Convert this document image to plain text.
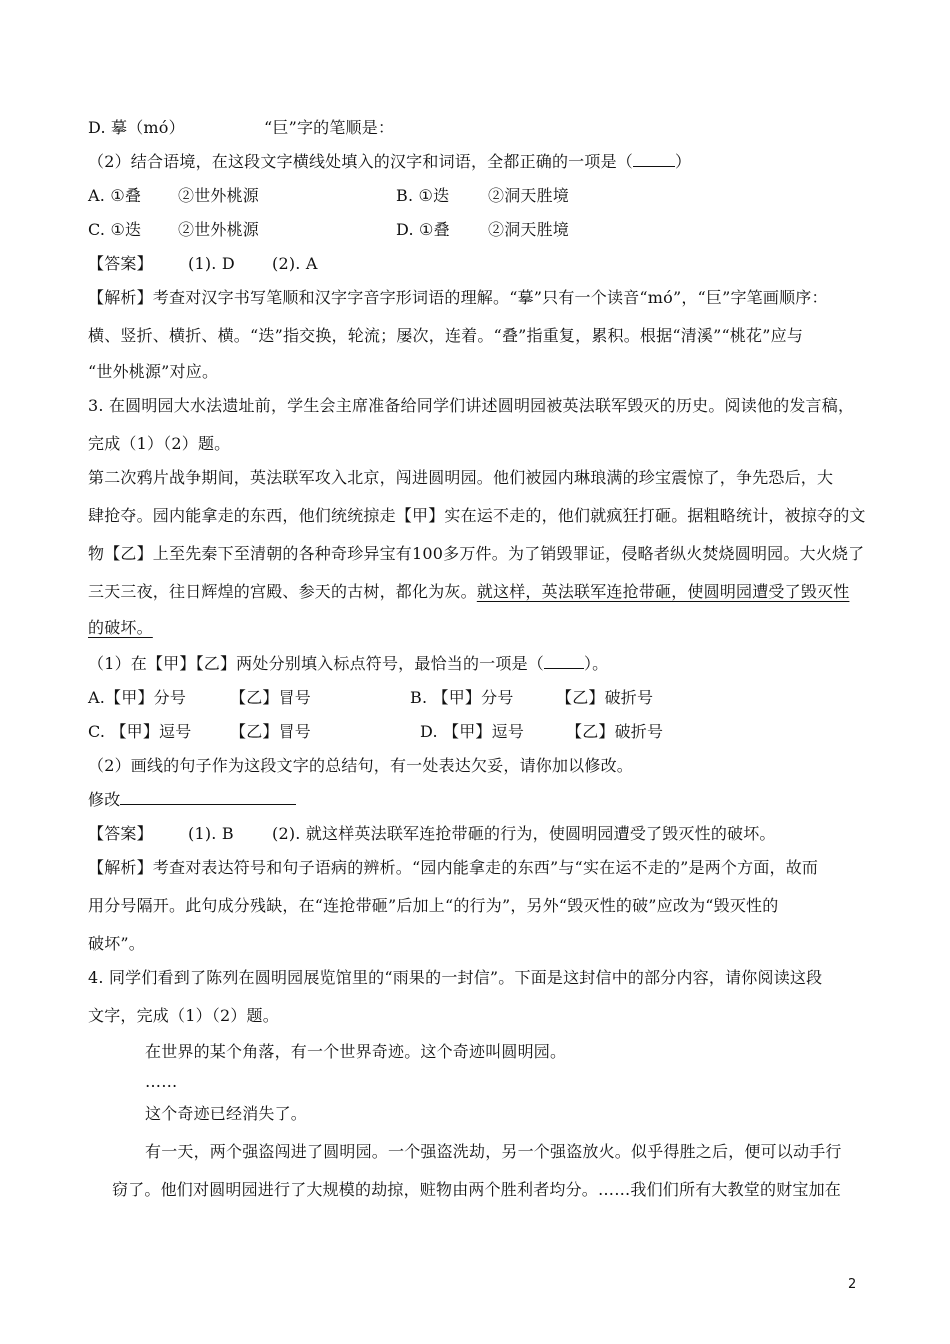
D. 摹（mó）	“巨”字的笔顺是：
（2）结合语境，在这段文字横线处填入的汉字和词语，全都正确的一项是（	）
A. ①叠 ②世外桃源	B. ①迭 ②洞天胜境
C. ①迭 ②世外桃源	D. ①叠 ②洞天胜境
【答案】 (1). D (2). A
【解析】考查对汉字书写笔顺和汉字字音字形词语的理解。“摹”只有一个读音“mó”，“巨”字笔画顺序：
横、竖折、横折、横。“迭”指交换，轮流；屡次，连着。“叠”指重复，累积。根据“清溪”“桃花”应与
“世外桃源”对应。
3. 在圆明园大水法遗址前，学生会主席准备给同学们讲述圆明园被英法联军毁灭的历史。阅读他的发言稿，
完成（1）（2）题。
第二次鸦片战争期间，英法联军攻入北京，闯进圆明园。他们被园内琳琅满的珍宝震惊了，争先恐后，大
肆抢夺。园内能拿走的东西，他们统统掠走【甲】实在运不走的，他们就疯狂打砸。据粗略统计，被掠夺的文
物【乙】上至先秦下至清朝的各种奇珍异宝有100多万件。为了销毁罪证，侵略者纵火焚烧圆明园。大火烧了
三天三夜，往日辉煌的宫殿、参天的古树，都化为灰。就这样，英法联军连抢带砸，使圆明园遭受了毁灭性
的破坏。
（1）在【甲】【乙】两处分别填入标点符号，最恰当的一项是（	）。
A.【甲】分号	【乙】冒号	B. 【甲】分号	【乙】破折号
C. 【甲】逗号 【乙】冒号	D. 【甲】逗号	【乙】破折号
（2）画线的句子作为这段文字的总结句，有一处表达欠妥，请你加以修改。
修改
【答案】 (1). B (2). 就这样英法联军连抢带砸的行为，使圆明园遭受了毁灭性的破坏。
【解析】考查对表达符号和句子语病的辨析。“园内能拿走的东西”与“实在运不走的”是两个方面，故而
用分号隔开。此句成分残缺，在“连抢带砸”后加上“的行为”，另外“毁灭性的破”应改为“毁灭性的
破坏”。
4. 同学们看到了陈列在圆明园展览馆里的“雨果的一封信”。下面是这封信中的部分内容，请你阅读这段
文字，完成（1）（2）题。
在世界的某个角落，有一个世界奇迹。这个奇迹叫圆明园。
……
这个奇迹已经消失了。
有一天，两个强盗闯进了圆明园。一个强盗洗劫，另一个强盗放火。似乎得胜之后，便可以动手行
窃了。他们对圆明园进行了大规模的劫掠，赃物由两个胜利者均分。……我们们所有大教堂的财宝加在
2
